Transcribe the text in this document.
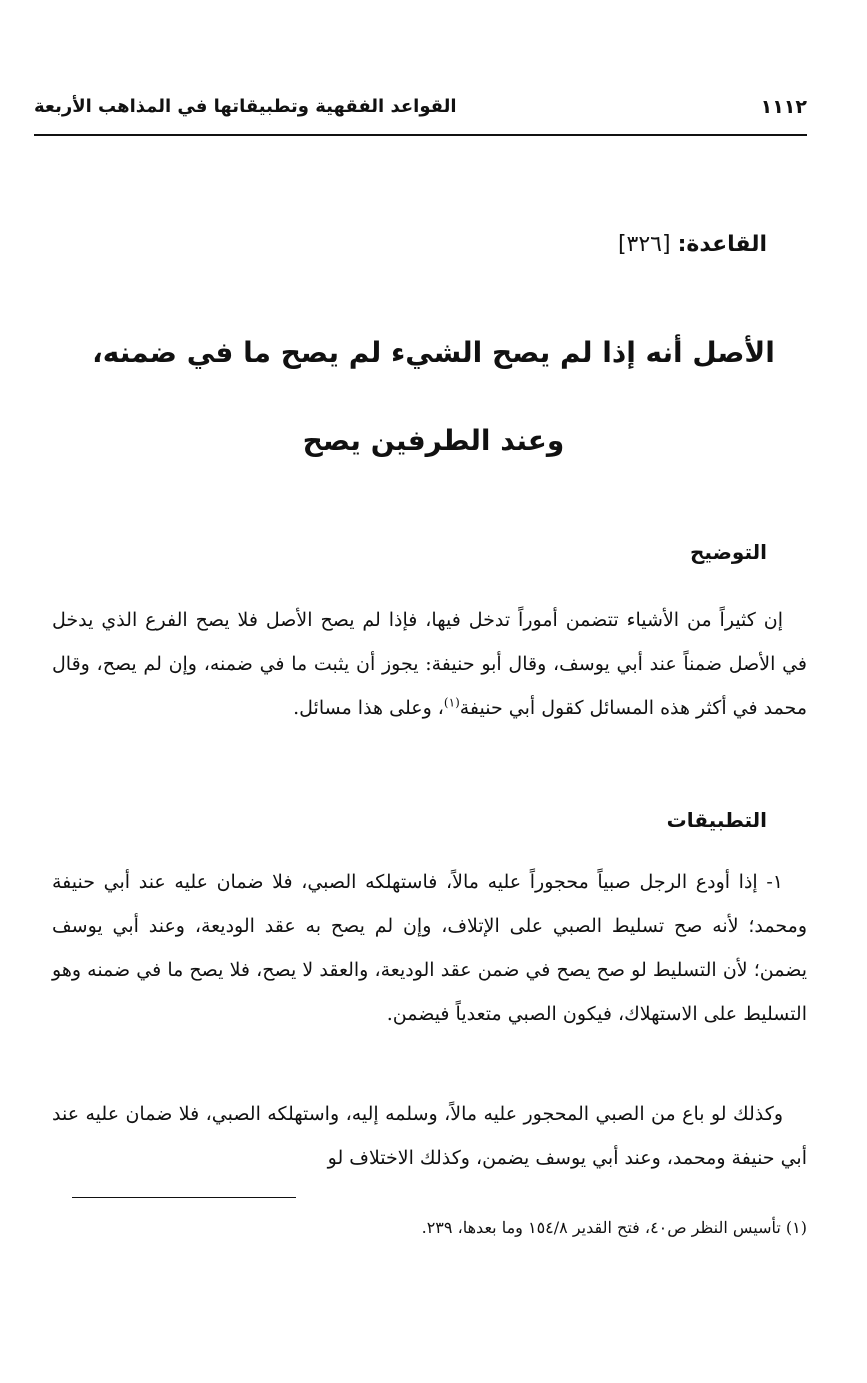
١١١٢
القواعد الفقهية وتطبيقاتها في المذاهب الأربعة
القاعدة: [٣٢٦]
الأصل أنه إذا لم يصح الشيء لم يصح ما في ضمنه،
وعند الطرفين يصح
التوضيح

إن كثيراً من الأشياء تتضمن أموراً تدخل فيها، فإذا لم يصح الأصل فلا يصح الفرع الذي يدخل في الأصل ضمناً عند أبي يوسف، وقال أبو حنيفة: يجوز أن يثبت ما في ضمنه، وإن لم يصح، وقال محمد في أكثر هذه المسائل كقول أبي حنيفة$^{(١)}$، وعلى هذا مسائل.

التطبيقات

١- إذا أودع الرجل صبياً محجوراً عليه مالاً، فاستهلكه الصبي، فلا ضمان عليه عند أبي حنيفة ومحمد؛ لأنه صح تسليط الصبي على الإتلاف، وإن لم يصح به عقد الوديعة، وعند أبي يوسف يضمن؛ لأن التسليط لو صح يصح في ضمن عقد الوديعة، والعقد لا يصح، فلا يصح ما في ضمنه وهو التسليط على الاستهلاك، فيكون الصبي متعدياً فيضمن.

وكذلك لو باع من الصبي المحجور عليه مالاً، وسلمه إليه، واستهلكه الصبي، فلا ضمان عليه عند أبي حنيفة ومحمد، وعند أبي يوسف يضمن، وكذلك الاختلاف لو

(١) تأسيس النظر ص٤٠، فتح القدير ١٥٤/٨ وما بعدها، ٢٣٩.
